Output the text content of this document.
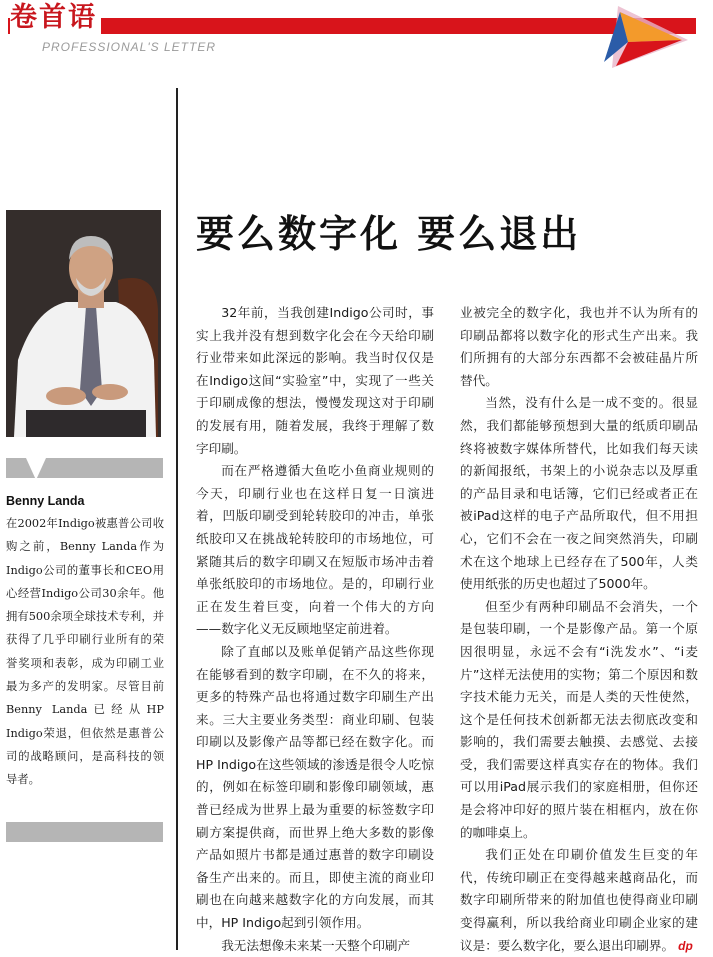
卷首语
PROFESSIONAL'S LETTER
Benny Landa

在2002年Indigo被惠普公司收购之前，Benny Landa作为Indigo公司的董事长和CEO用心经营Indigo公司30余年。他拥有500余项全球技术专利，并获得了几乎印刷行业所有的荣誉奖项和表彰，成为印刷工业最为多产的发明家。尽管目前Benny Landa已经从HP Indigo荣退，但依然是惠普公司的战略顾问，是高科技的领导者。

要么数字化 要么退出

32年前，当我创建Indigo公司时，事实上我并没有想到数字化会在今天给印刷行业带来如此深远的影响。我当时仅仅是在Indigo这间“实验室”中，实现了一些关于印刷成像的想法，慢慢发现这对于印刷的发展有用，随着发展，我终于理解了数字印刷。

而在严格遵循大鱼吃小鱼商业规则的今天，印刷行业也在这样日复一日演进着，凹版印刷受到轮转胶印的冲击，单张纸胶印又在挑战轮转胶印的市场地位，可紧随其后的数字印刷又在短版市场冲击着单张纸胶印的市场地位。是的，印刷行业正在发生着巨变，向着一个伟大的方向——数字化义无反顾地坚定前进着。

除了直邮以及账单促销产品这些你现在能够看到的数字印刷，在不久的将来，更多的特殊产品也将通过数字印刷生产出来。三大主要业务类型：商业印刷、包装印刷以及影像产品等都已经在数字化。而HP Indigo在这些领域的渗透是很令人吃惊的，例如在标签印刷和影像印刷领域，惠普已经成为世界上最为重要的标签数字印刷方案提供商，而世界上绝大多数的影像产品如照片书都是通过惠普的数字印刷设备生产出来的。而且，即使主流的商业印刷也在向越来越数字化的方向发展，而其中，HP Indigo起到引领作用。

我无法想像未来某一天整个印刷产

业被完全的数字化，我也并不认为所有的印刷品都将以数字化的形式生产出来。我们所拥有的大部分东西都不会被硅晶片所替代。

当然，没有什么是一成不变的。很显然，我们都能够预想到大量的纸质印刷品终将被数字媒体所替代，比如我们每天读的新闻报纸，书架上的小说杂志以及厚重的产品目录和电话簿，它们已经或者正在被iPad这样的电子产品所取代，但不用担心，它们不会在一夜之间突然消失，印刷术在这个地球上已经存在了500年，人类使用纸张的历史也超过了5000年。

但至少有两种印刷品不会消失，一个是包装印刷，一个是影像产品。第一个原因很明显，永远不会有“i洗发水”、“i麦片”这样无法使用的实物；第二个原因和数字技术能力无关，而是人类的天性使然，这个是任何技术创新都无法去彻底改变和影响的，我们需要去触摸、去感觉、去接受，我们需要这样真实存在的物体。我们可以用iPad展示我们的家庭相册，但你还是会将冲印好的照片装在相框内，放在你的咖啡桌上。

我们正处在印刷价值发生巨变的年代，传统印刷正在变得越来越商品化，而数字印刷所带来的附加值也使得商业印刷变得赢利，所以我给商业印刷企业家的建议是：要么数字化，要么退出印刷界。 dp
